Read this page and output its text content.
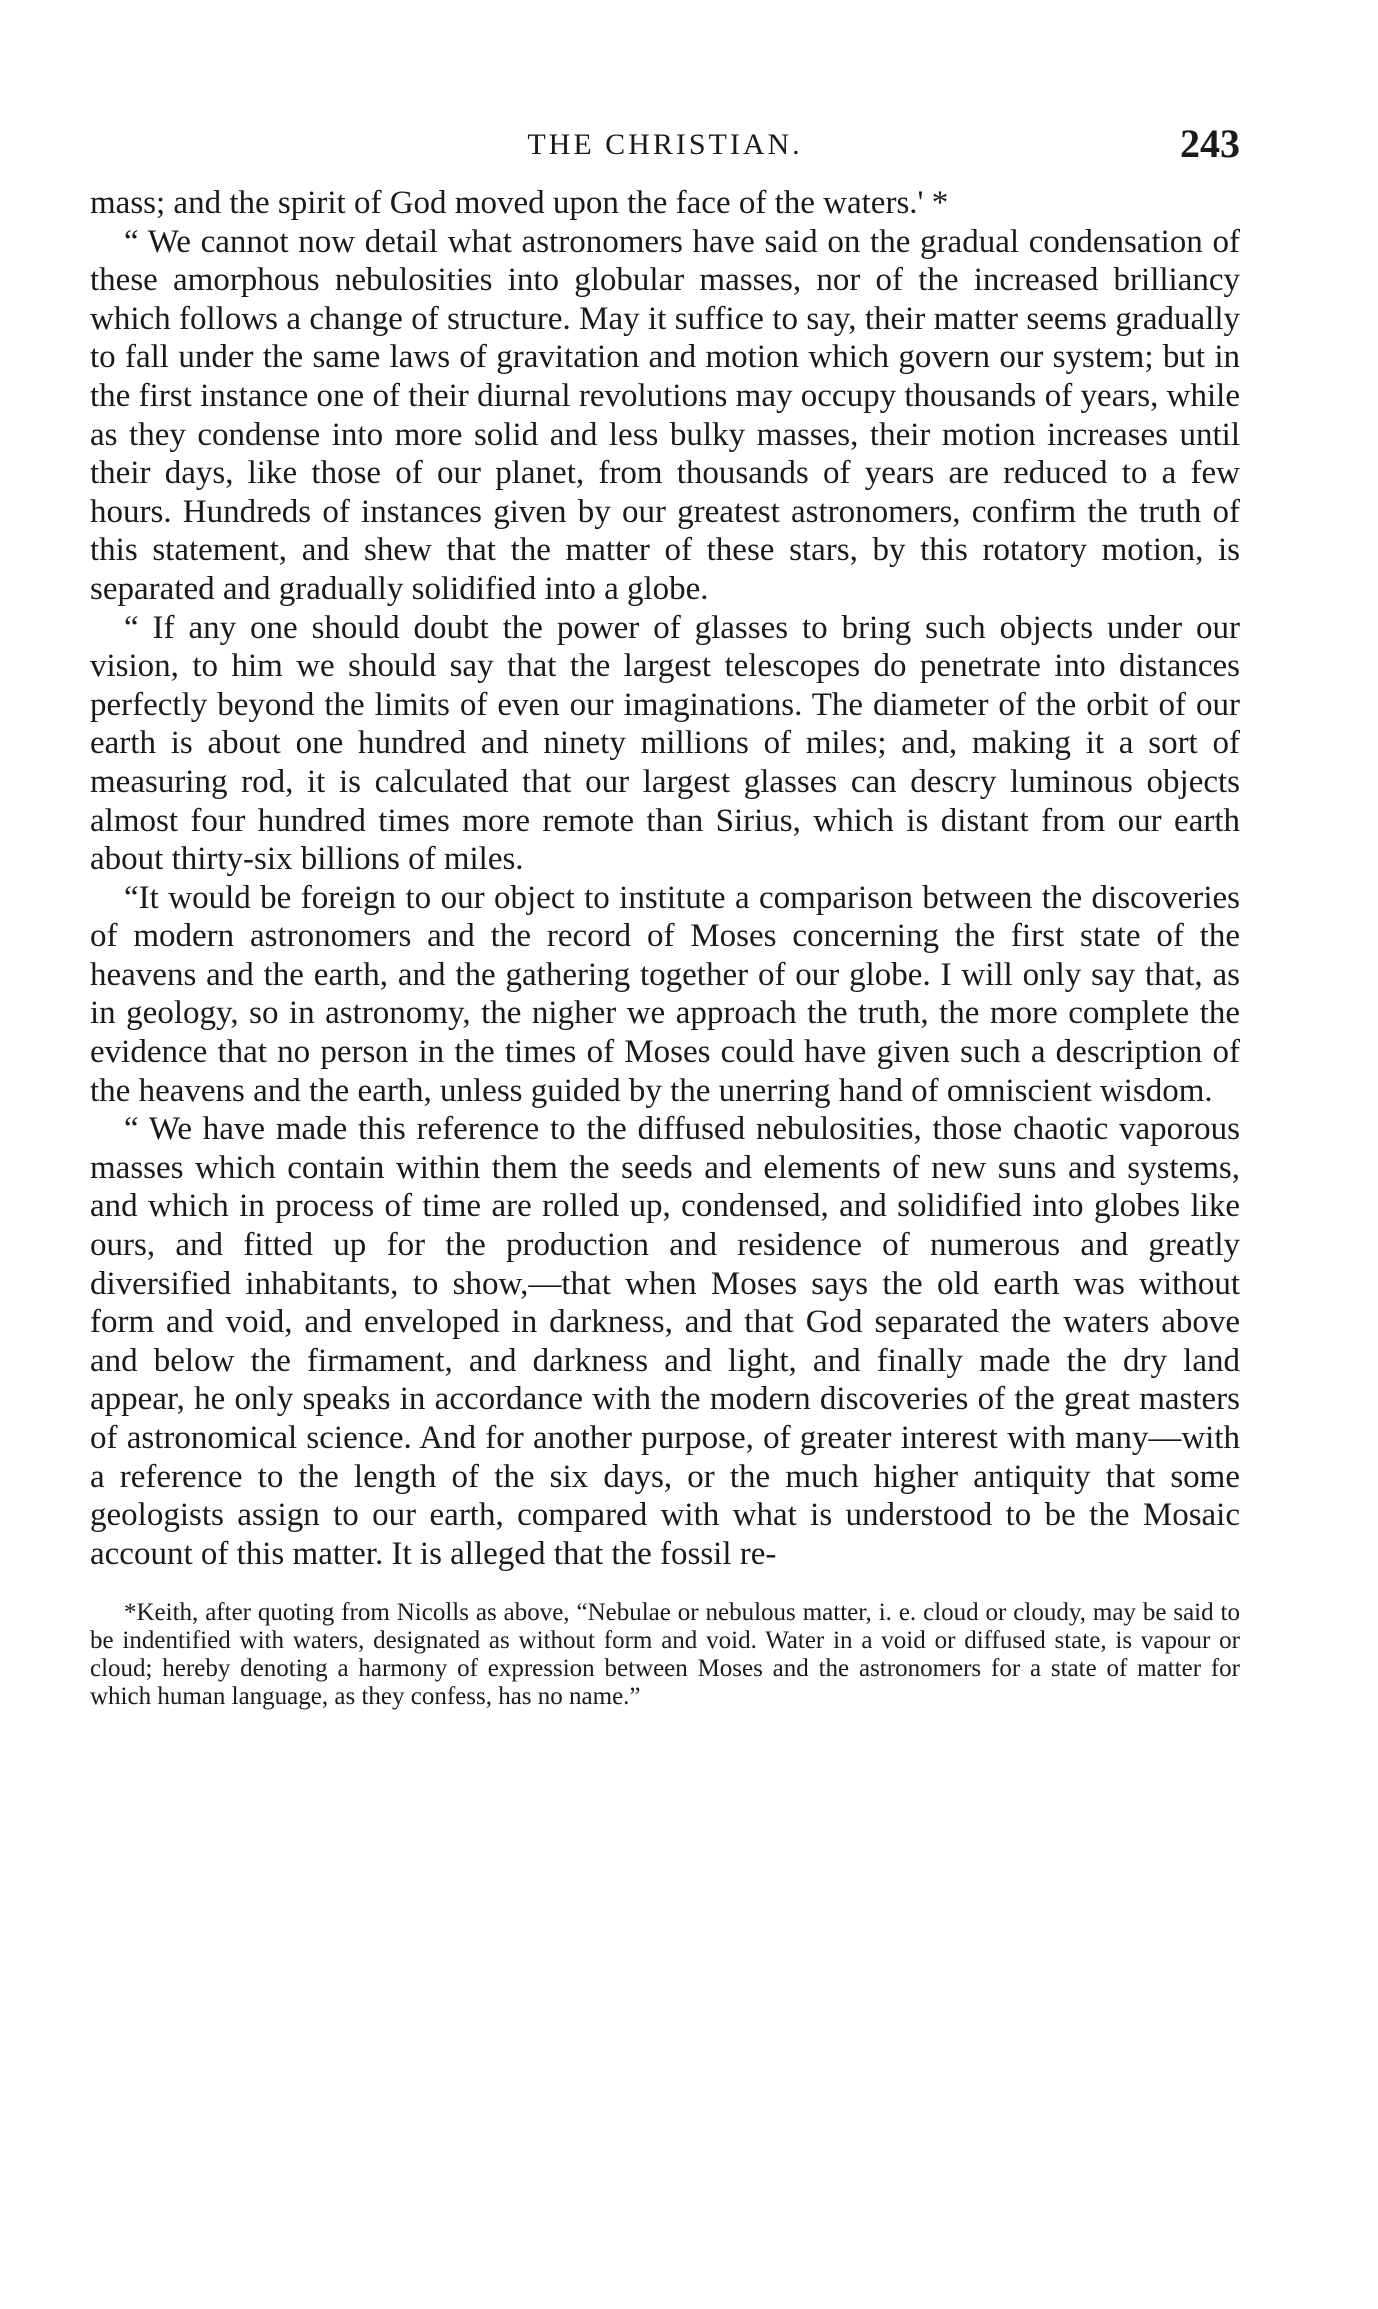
THE CHRISTIAN.	243

mass; and the spirit of God moved upon the face of the waters.' *

“ We cannot now detail what astronomers have said on the gradual condensation of these amorphous nebulosities into globular masses, nor of the increased brilliancy which follows a change of structure. May it suffice to say, their matter seems gradually to fall under the same laws of gravitation and motion which govern our system; but in the first instance one of their diurnal revolutions may occupy thousands of years, while as they condense into more solid and less bulky masses, their motion increases until their days, like those of our planet, from thousands of years are reduced to a few hours. Hundreds of instances given by our greatest astronomers, confirm the truth of this statement, and shew that the matter of these stars, by this rotatory motion, is separated and gradually solidified into a globe.

“ If any one should doubt the power of glasses to bring such objects under our vision, to him we should say that the largest telescopes do penetrate into distances perfectly beyond the limits of even our imaginations. The diameter of the orbit of our earth is about one hundred and ninety millions of miles; and, making it a sort of measuring rod, it is calculated that our largest glasses can descry luminous objects almost four hundred times more remote than Sirius, which is distant from our earth about thirty-six billions of miles.

“It would be foreign to our object to institute a comparison between the discoveries of modern astronomers and the record of Moses concerning the first state of the heavens and the earth, and the gathering together of our globe. I will only say that, as in geology, so in astronomy, the nigher we approach the truth, the more complete the evidence that no person in the times of Moses could have given such a description of the heavens and the earth, unless guided by the unerring hand of omniscient wisdom.

“ We have made this reference to the diffused nebulosities, those chaotic vaporous masses which contain within them the seeds and elements of new suns and systems, and which in process of time are rolled up, condensed, and solidified into globes like ours, and fitted up for the production and residence of numerous and greatly diversified inhabitants, to show,—that when Moses says the old earth was without form and void, and enveloped in darkness, and that God separated the waters above and below the firmament, and darkness and light, and finally made the dry land appear, he only speaks in accordance with the modern discoveries of the great masters of astronomical science. And for another purpose, of greater interest with many—with a reference to the length of the six days, or the much higher antiquity that some geologists assign to our earth, compared with what is understood to be the Mosaic account of this matter. It is alleged that the fossil re-

*Keith, after quoting from Nicolls as above, “Nebulae or nebulous matter, i. e. cloud or cloudy, may be said to be indentified with waters, designated as without form and void. Water in a void or diffused state, is vapour or cloud; hereby denoting a harmony of expression between Moses and the astronomers for a state of matter for which human language, as they confess, has no name.”
